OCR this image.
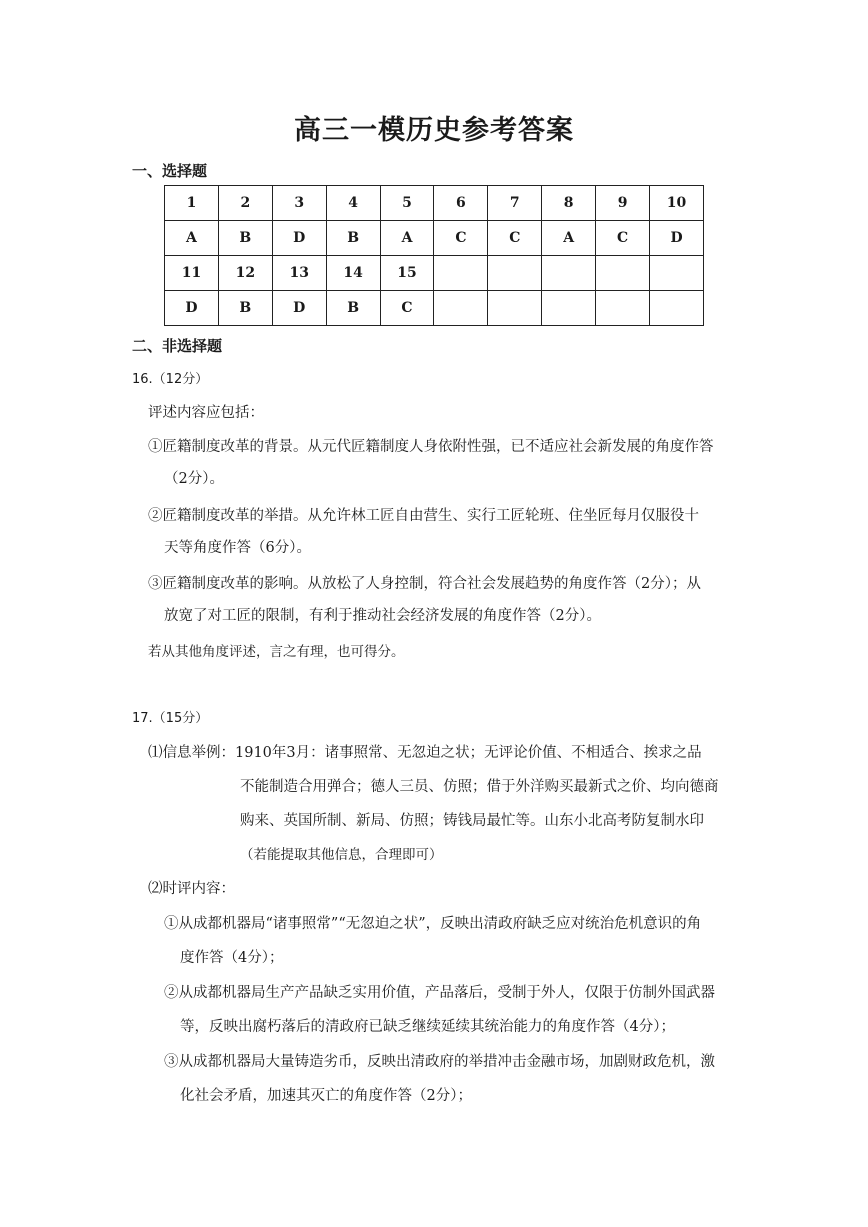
高三一模历史参考答案
一、选择题
1	2	3	4	5	6	7	8	9	10
A	B	D	B	A	C	C	A	C	D
11	12	13	14	15					
D	B	D	B	C					
二、非选择题
16.（12分）
评述内容应包括：
①匠籍制度改革的背景。从元代匠籍制度人身依附性强，已不适应社会新发展的角度作答
（2分）。
②匠籍制度改革的举措。从允许林工匠自由营生、实行工匠轮班、住坐匠每月仅服役十
天等角度作答（6分）。
③匠籍制度改革的影响。从放松了人身控制，符合社会发展趋势的角度作答（2分）；从
放宽了对工匠的限制，有利于推动社会经济发展的角度作答（2分）。
若从其他角度评述，言之有理，也可得分。
17.（15分）
⑴信息举例：1910年3月：诸事照常、无忽迫之状；无评论价值、不相适合、挨求之品
不能制造合用弹合；德人三员、仿照；借于外洋购买最新式之价、均向德商
购来、英国所制、新局、仿照；铸钱局最忙等。山东小北高考防复制水印
（若能提取其他信息，合理即可）
⑵时评内容：
①从成都机器局“诸事照常”“无忽迫之状”，反映出清政府缺乏应对统治危机意识的角
度作答（4分）；
②从成都机器局生产产品缺乏实用价值，产品落后，受制于外人，仅限于仿制外国武器
等，反映出腐朽落后的清政府已缺乏继续延续其统治能力的角度作答（4分）；
③从成都机器局大量铸造劣币，反映出清政府的举措冲击金融市场，加剧财政危机，激
化社会矛盾，加速其灭亡的角度作答（2分）；
